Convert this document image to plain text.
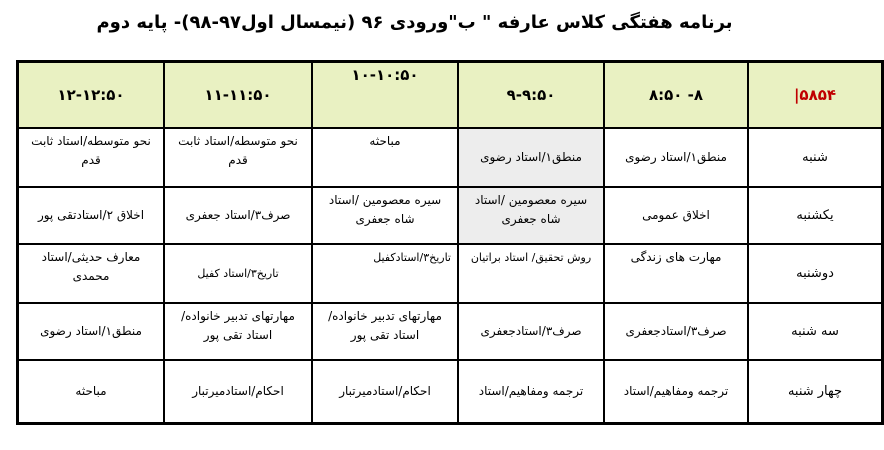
برنامه هفتگی کلاس عارفه " ب"ورودی ۹۶ (نیمسال اول۹۷-۹۸)- پایه دوم
۵۸۵۴|	۸- ۸:۵۰	۹-۹:۵۰	۱۰-۱۰:۵۰	۱۱-۱۱:۵۰	۱۲-۱۲:۵۰
شنبه	منطق۱/استاد رضوی	منطق۱/استاد رضوی	مباحثه	نحو متوسطه/استاد ثابت قدم	نحو متوسطه/استاد ثابت قدم
یکشنبه	اخلاق عمومی	سیره معصومین /استاد شاه جعفری	سیره معصومین /استاد شاه جعفری	صرف۳/استاد جعفری	اخلاق ۲/استادتقی پور
دوشنبه	مهارت های زندگی	روش تحقیق/ استاد براتیان	تاریخ۳/استادکفیل	تاریخ۳/استاد کفیل	معارف حدیثی/استاد محمدی
سه شنبه	صرف۳/استادجعفری	صرف۳/استادجعفری	مهارتهای تدبیر خانواده/استاد تقی پور	مهارتهای تدبیر خانواده/استاد تقی پور	منطق۱/استاد رضوی
چهار شنبه	ترجمه ومفاهیم/استاد	ترجمه ومفاهیم/استاد	احکام/استادمیرتبار	احکام/استادمیرتبار	مباحثه
